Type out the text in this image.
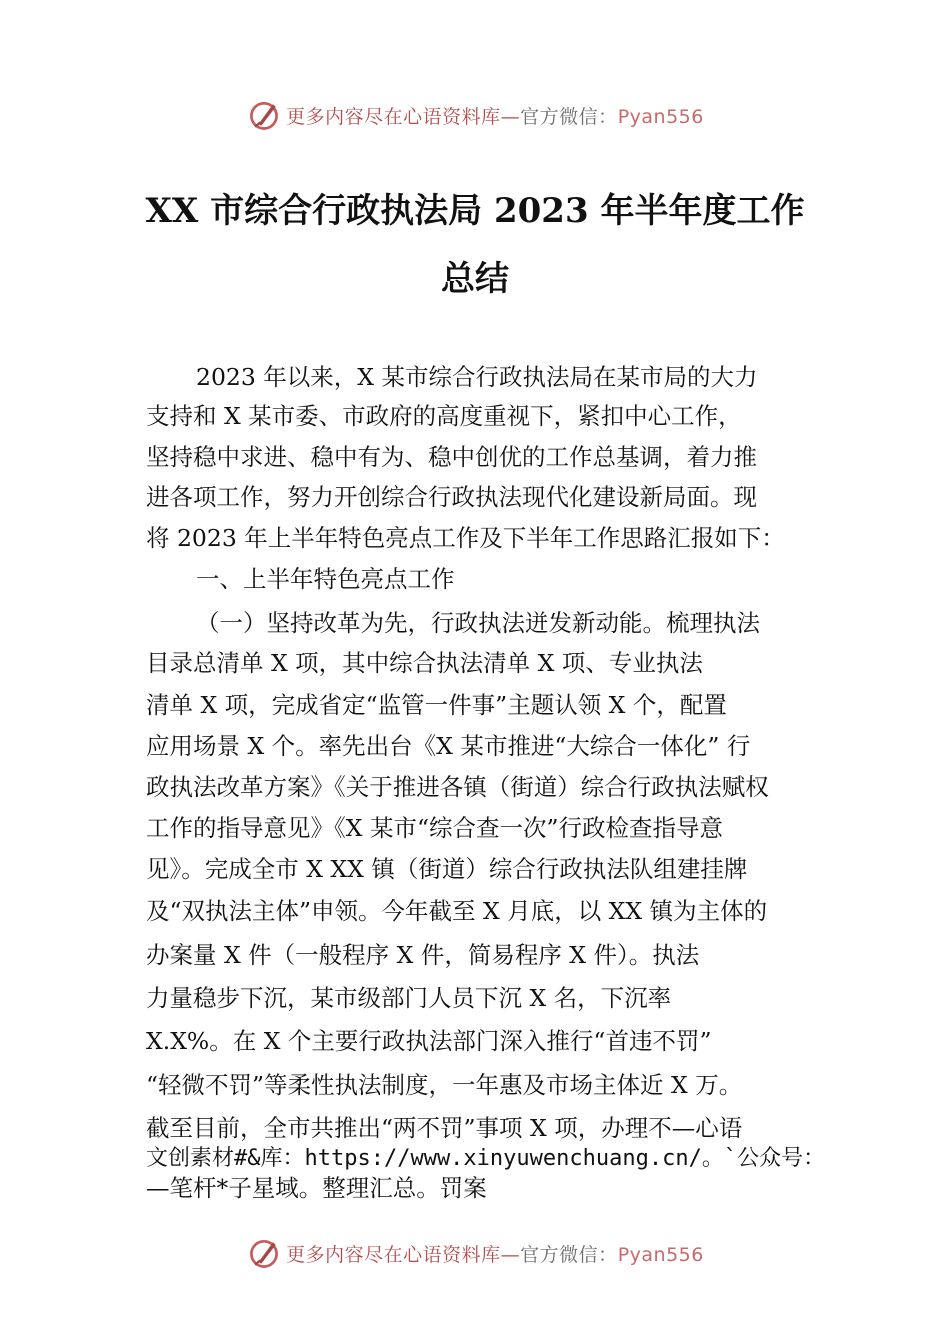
更多内容尽在心语资料库—官方微信：Pyan556
XX 市综合行政执法局 2023 年半年度工作
总结
2023 年以来，X 某市综合行政执法局在某市局的大力
支持和 X 某市委、市政府的高度重视下，紧扣中心工作，
坚持稳中求进、稳中有为、稳中创优的工作总基调，着力推
进各项工作，努力开创综合行政执法现代化建设新局面。现
将 2023 年上半年特色亮点工作及下半年工作思路汇报如下：
一、上半年特色亮点工作
（一）坚持改革为先，行政执法迸发新动能。梳理执法
目录总清单 X 项，其中综合执法清单 X 项、专业执法
清单 X 项，完成省定“监管一件事”主题认领 X 个，配置
应用场景 X 个。率先出台《X 某市推进“大综合一体化” 行
政执法改革方案》《关于推进各镇（街道）综合行政执法赋权
工作的指导意见》《X 某市“综合查一次”行政检查指导意
见》。完成全市 X XX 镇（街道）综合行政执法队组建挂牌
及“双执法主体”申领。今年截至 X 月底，以 XX 镇为主体的
办案量 X 件（一般程序 X 件，简易程序 X 件）。执法
力量稳步下沉，某市级部门人员下沉 X 名，下沉率
X.X%。在 X 个主要行政执法部门深入推行“首违不罚”
“轻微不罚”等柔性执法制度，一年惠及市场主体近 X 万。
截至目前，全市共推出“两不罚”事项 X 项，办理不—心语
文创素材#&库：https://www.xinyuwenchuang.cn/。`公众号：
—笔杆*子星域。整理汇总。罚案
更多内容尽在心语资料库—官方微信：Pyan556
